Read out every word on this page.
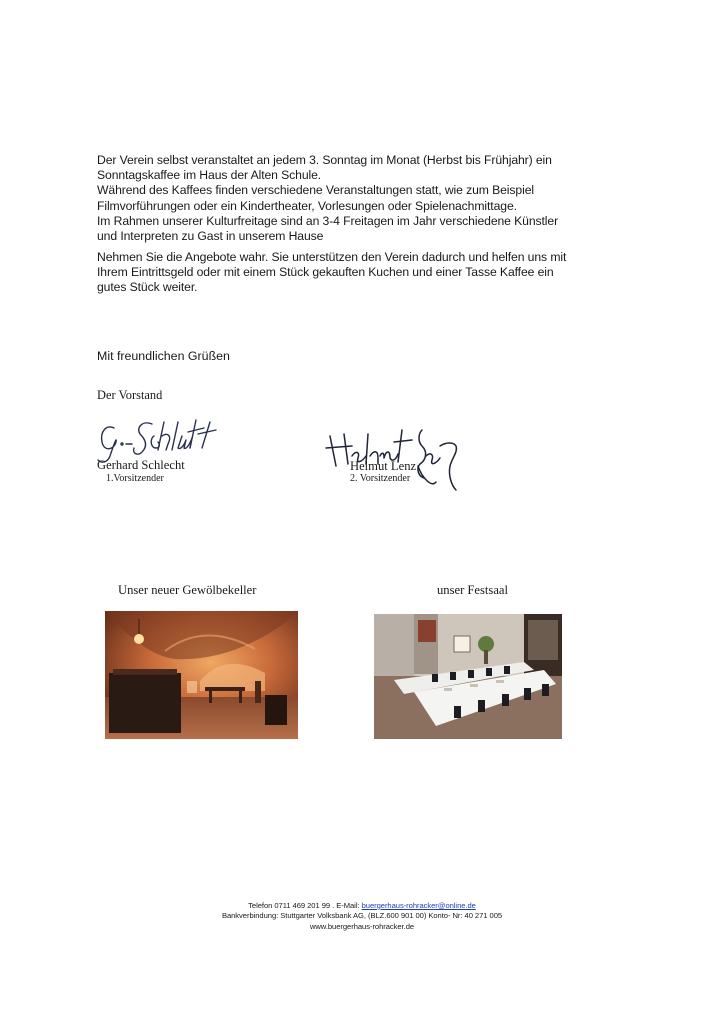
Der Verein selbst veranstaltet an jedem 3. Sonntag im Monat (Herbst bis Frühjahr) ein
Sonntagskaffee im Haus der Alten Schule.
Während des Kaffees finden verschiedene Veranstaltungen statt, wie zum Beispiel
Filmvorführungen oder ein Kindertheater, Vorlesungen oder Spielenachmittage.
Im Rahmen unserer Kulturfreitage sind an 3-4 Freitagen im Jahr verschiedene Künstler
und Interpreten zu Gast in unserem Hause
Nehmen Sie die Angebote wahr. Sie unterstützen den Verein dadurch und helfen uns mit
Ihrem Eintrittsgeld oder mit einem Stück gekauften Kuchen und einer Tasse Kaffee ein
gutes Stück weiter.
Mit freundlichen Grüßen
Der Vorstand
Gerhard Schlecht
1.Vorsitzender
Helmut Lenz
2. Vorsitzender
Unser neuer Gewölbekeller	unser Festsaal
Telefon 0711 469 201 99 . E-Mail: buergerhaus-rohracker@online.de
Bankverbindung: Stuttgarter Volksbank AG, (BLZ.600 901 00) Konto- Nr: 40 271 005
www.buergerhaus-rohracker.de
